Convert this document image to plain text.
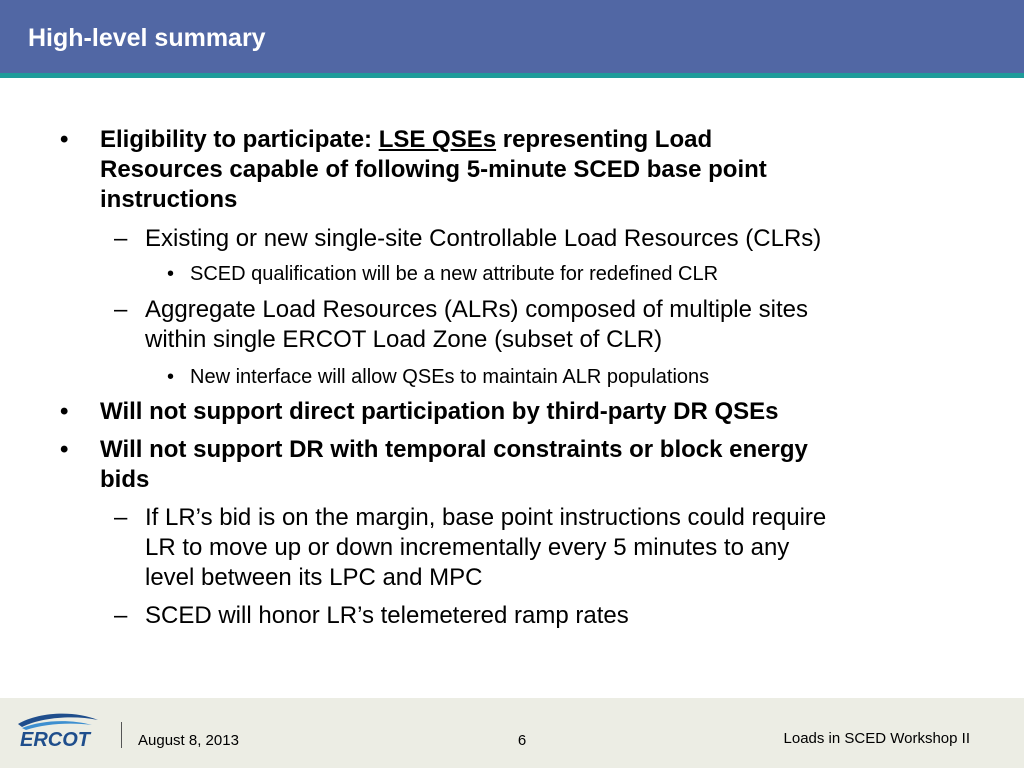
High-level summary
• Eligibility to participate: LSE QSEs representing Load
Resources capable of following 5-minute SCED base point
instructions
– Existing or new single-site Controllable Load Resources (CLRs)
• SCED qualification will be a new attribute for redefined CLR
– Aggregate Load Resources (ALRs) composed of multiple sites
within single ERCOT Load Zone (subset of CLR)
• New interface will allow QSEs to maintain ALR populations
• Will not support direct participation by third-party DR QSEs
• Will not support DR with temporal constraints or block energy
bids
– If LR’s bid is on the margin, base point instructions could require
LR to move up or down incrementally every 5 minutes to any
level between its LPC and MPC
– SCED will honor LR’s telemetered ramp rates
ERCOT	August 8, 2013	6	Loads in SCED Workshop II
